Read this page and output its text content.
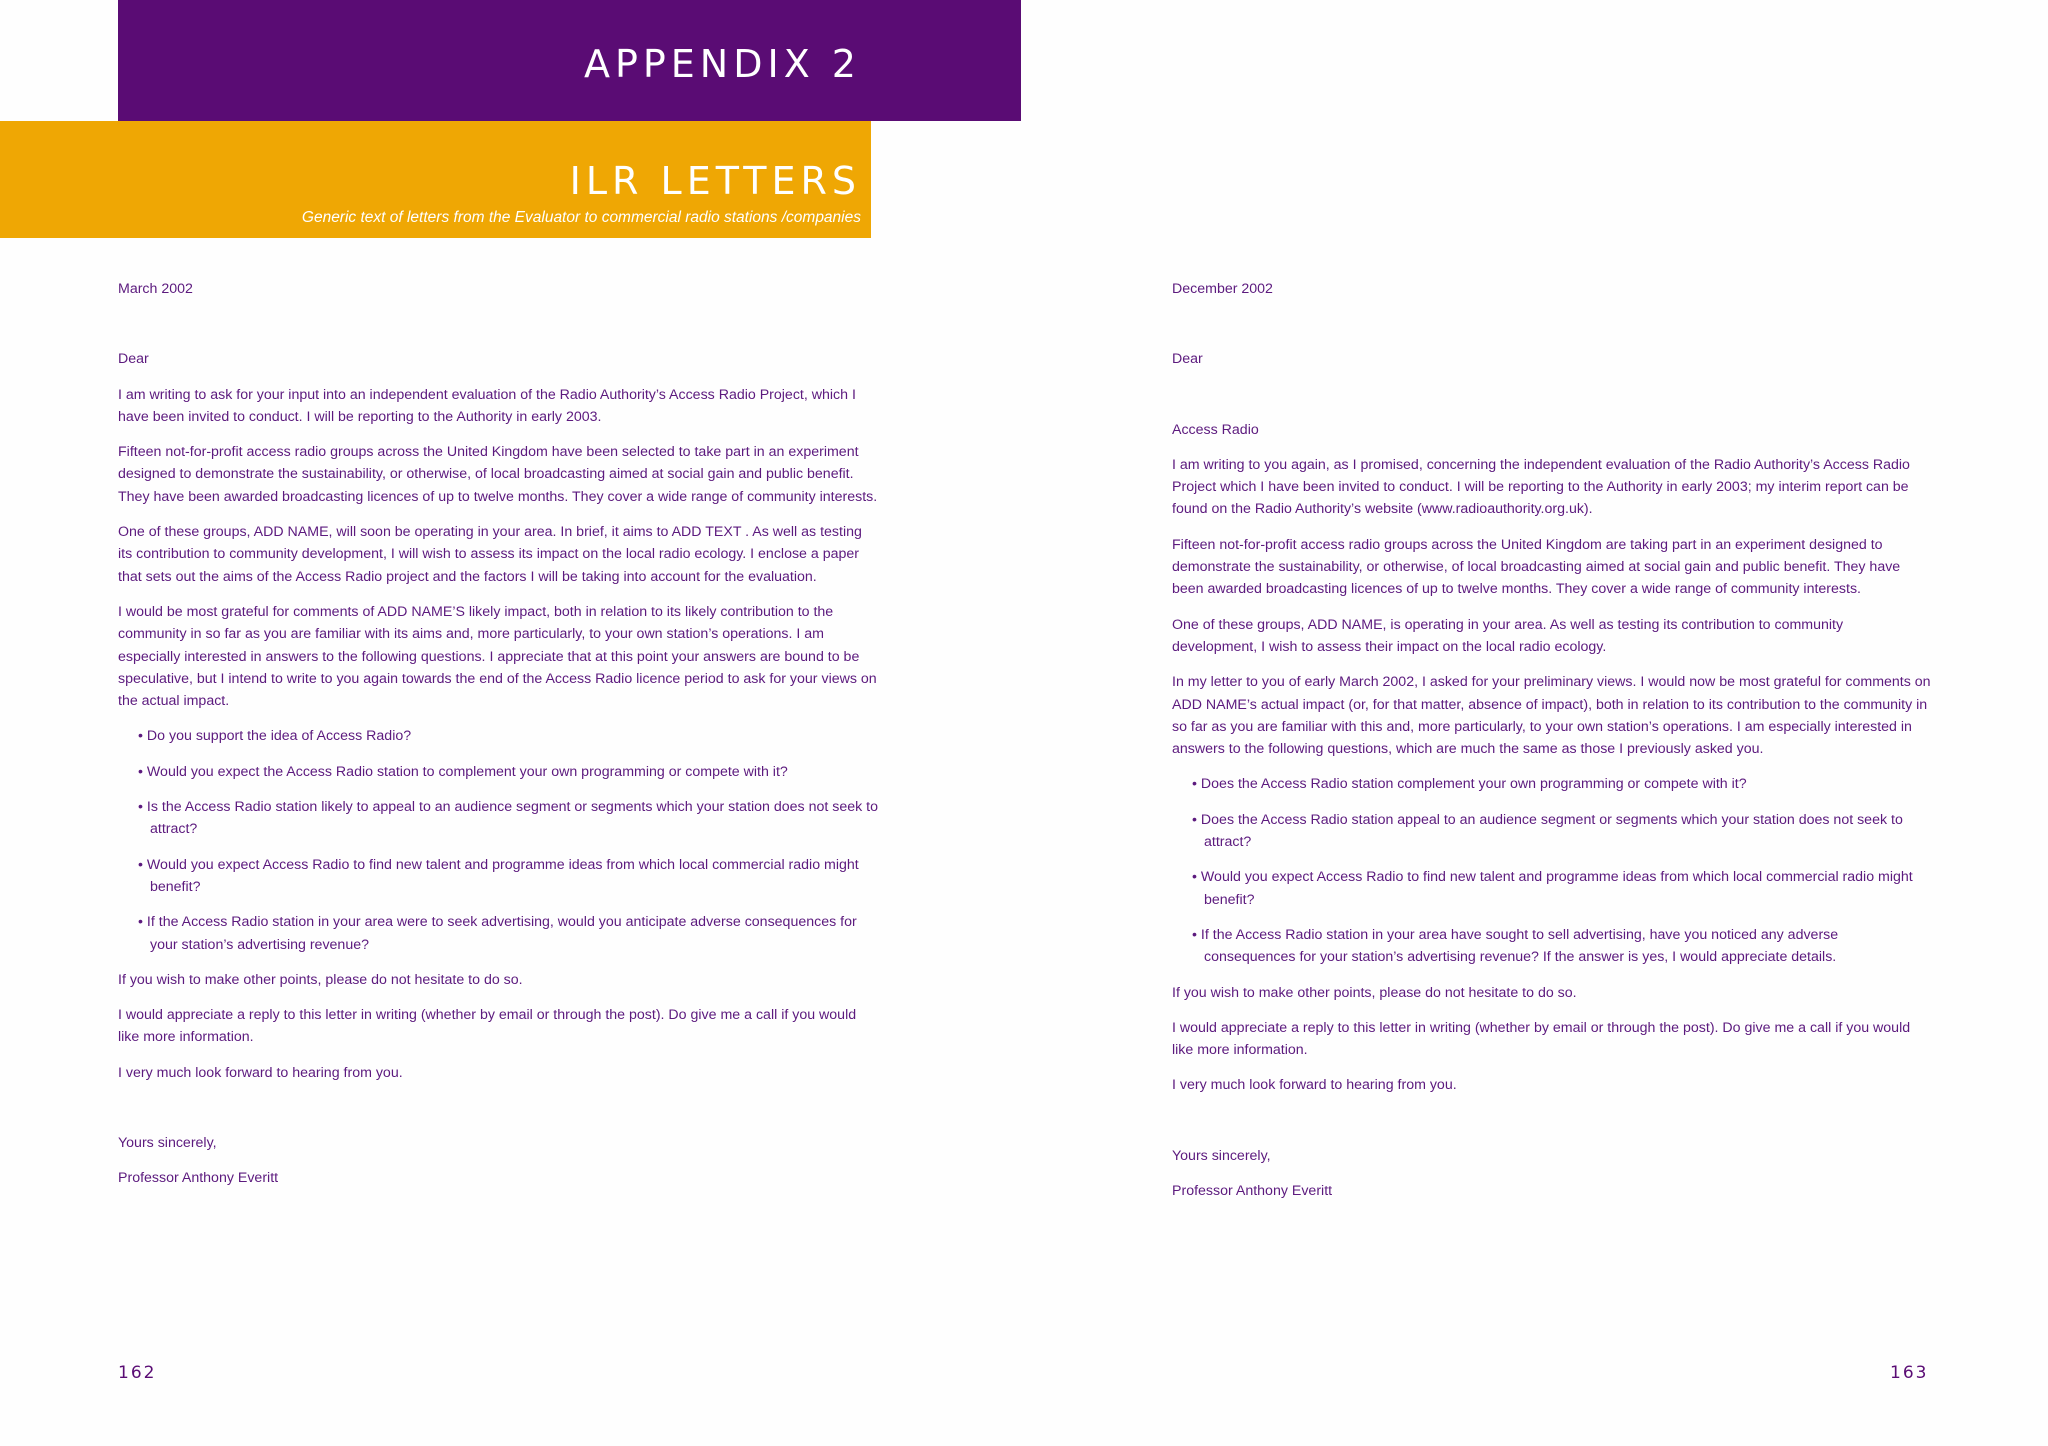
APPENDIX 2
ILR LETTERS
Generic text of letters from the Evaluator to commercial radio stations /companies

March 2002

Dear

I am writing to ask for your input into an independent evaluation of the Radio Authority’s Access Radio Project, which I have been invited to conduct. I will be reporting to the Authority in early 2003.

Fifteen not-for-profit access radio groups across the United Kingdom have been selected to take part in an experiment designed to demonstrate the sustainability, or otherwise, of local broadcasting aimed at social gain and public benefit. They have been awarded broadcasting licences of up to twelve months. They cover a wide range of community interests.

One of these groups, ADD NAME, will soon be operating in your area. In brief, it aims to ADD TEXT . As well as testing its contribution to community development, I will wish to assess its impact on the local radio ecology. I enclose a paper that sets out the aims of the Access Radio project and the factors I will be taking into account for the evaluation.

I would be most grateful for comments of ADD NAME’S likely impact, both in relation to its likely contribution to the community in so far as you are familiar with its aims and, more particularly, to your own station’s operations. I am especially interested in answers to the following questions. I appreciate that at this point your answers are bound to be speculative, but I intend to write to you again towards the end of the Access Radio licence period to ask for your views on the actual impact.

• Do you support the idea of Access Radio?
• Would you expect the Access Radio station to complement your own programming or compete with it?
• Is the Access Radio station likely to appeal to an audience segment or segments which your station does not seek to attract?
• Would you expect Access Radio to find new talent and programme ideas from which local commercial radio might benefit?
• If the Access Radio station in your area were to seek advertising, would you anticipate adverse consequences for your station’s advertising revenue?

If you wish to make other points, please do not hesitate to do so.

I would appreciate a reply to this letter in writing (whether by email or through the post). Do give me a call if you would like more information.

I very much look forward to hearing from you.

Yours sincerely,

Professor Anthony Everitt

December 2002

Dear

Access Radio

I am writing to you again, as I promised, concerning the independent evaluation of the Radio Authority’s Access Radio Project which I have been invited to conduct. I will be reporting to the Authority in early 2003; my interim report can be found on the Radio Authority’s website (www.radioauthority.org.uk).

Fifteen not-for-profit access radio groups across the United Kingdom are taking part in an experiment designed to demonstrate the sustainability, or otherwise, of local broadcasting aimed at social gain and public benefit. They have been awarded broadcasting licences of up to twelve months. They cover a wide range of community interests.

One of these groups, ADD NAME, is operating in your area. As well as testing its contribution to community development, I wish to assess their impact on the local radio ecology.

In my letter to you of early March 2002, I asked for your preliminary views. I would now be most grateful for comments on ADD NAME’s actual impact (or, for that matter, absence of impact), both in relation to its contribution to the community in so far as you are familiar with this and, more particularly, to your own station’s operations. I am especially interested in answers to the following questions, which are much the same as those I previously asked you.

• Does the Access Radio station complement your own programming or compete with it?
• Does the Access Radio station appeal to an audience segment or segments which your station does not seek to attract?
• Would you expect Access Radio to find new talent and programme ideas from which local commercial radio might benefit?
• If the Access Radio station in your area have sought to sell advertising, have you noticed any adverse consequences for your station’s advertising revenue? If the answer is yes, I would appreciate details.

If you wish to make other points, please do not hesitate to do so.

I would appreciate a reply to this letter in writing (whether by email or through the post). Do give me a call if you would like more information.

I very much look forward to hearing from you.

Yours sincerely,

Professor Anthony Everitt

162	163
